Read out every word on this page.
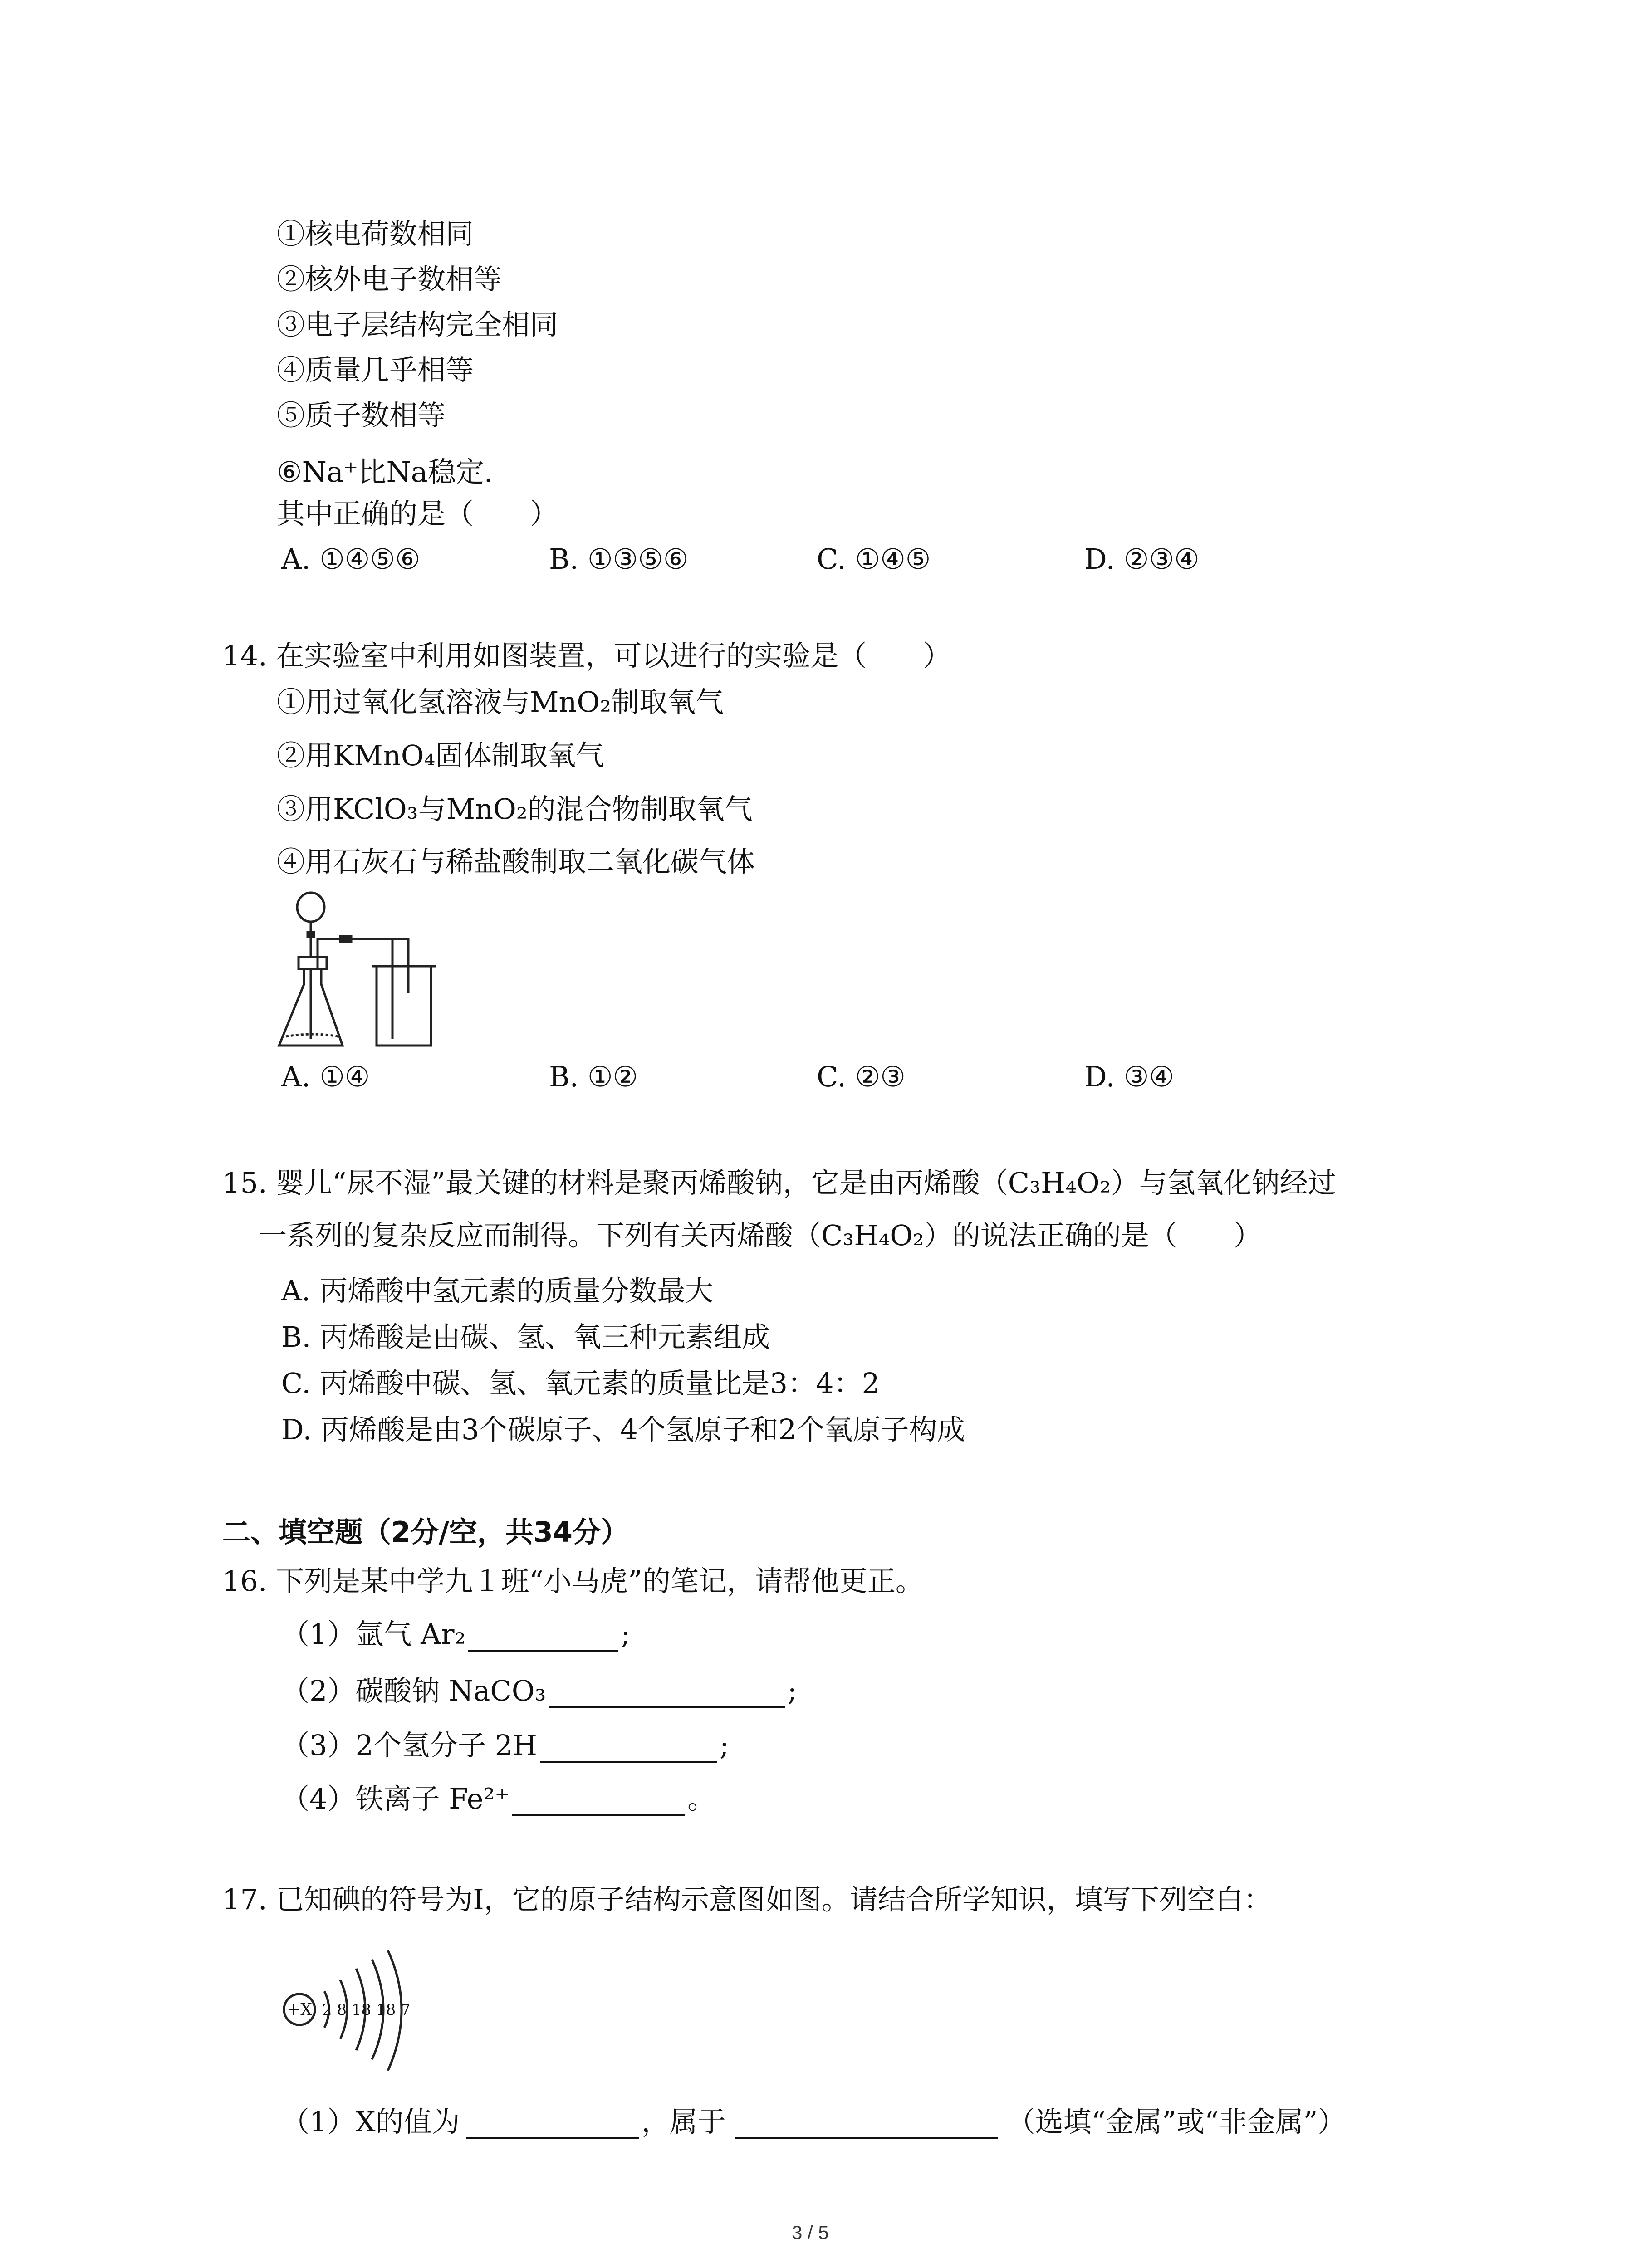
①核电荷数相同
②核外电子数相等
③电子层结构完全相同
④质量几乎相等
⑤质子数相等
⑥Na⁺比Na稳定.
其中正确的是（　　）
A. ①④⑤⑥	B. ①③⑤⑥	C. ①④⑤	D. ②③④
14. 在实验室中利用如图装置，可以进行的实验是（　　）
①用过氧化氢溶液与MnO₂制取氧气
②用KMnO₄固体制取氧气
③用KClO₃与MnO₂的混合物制取氧气
④用石灰石与稀盐酸制取二氧化碳气体
A. ①④	B. ①②	C. ②③	D. ③④
15. 婴儿“尿不湿”最关键的材料是聚丙烯酸钠，它是由丙烯酸（C₃H₄O₂）与氢氧化钠经过
一系列的复杂反应而制得。下列有关丙烯酸（C₃H₄O₂）的说法正确的是（　　）
A. 丙烯酸中氢元素的质量分数最大
B. 丙烯酸是由碳、氢、氧三种元素组成
C. 丙烯酸中碳、氢、氧元素的质量比是3：4：2
D. 丙烯酸是由3个碳原子、4个氢原子和2个氧原子构成
二、填空题（2分/空，共34分）
16. 下列是某中学九１班“小马虎”的笔记，请帮他更正。
（1）氩气 Ar₂	;
（2）碳酸钠 NaCO₃	;
（3）2个氢分子 2H	;
（4）铁离子 Fe²⁺	。
17. 已知碘的符号为I，它的原子结构示意图如图。请结合所学知识，填写下列空白：
+X 2 8 18 18 7
（1）X的值为	，属于	（选填“金属”或“非金属”）
3 / 5
